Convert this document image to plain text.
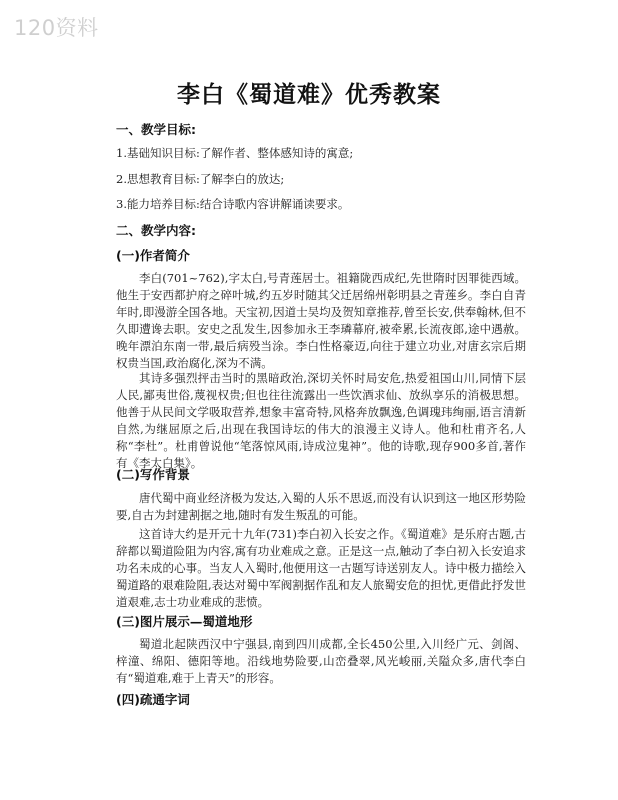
120资料
李白《蜀道难》优秀教案
一、教学目标:
1.基础知识目标:了解作者、整体感知诗的寓意;
2.思想教育目标:了解李白的放达;
3.能力培养目标:结合诗歌内容讲解诵读要求。
二、教学内容:
(一)作者简介

李白(701~762),字太白,号青莲居士。祖籍陇西成纪,先世隋时因罪徙西域。他生于安西都护府之碎叶城,约五岁时随其父迁居绵州彰明县之青莲乡。李白自青年时,即漫游全国各地。天宝初,因道士吴均及贺知章推荐,曾至长安,供奉翰林,但不久即遭谗去职。安史之乱发生,因参加永王李璘幕府,被牵累,长流夜郎,途中遇赦。晚年漂泊东南一带,最后病殁当涂。李白性格豪迈,向往于建立功业,对唐玄宗后期权贵当国,政治腐化,深为不满。

其诗多强烈抨击当时的黑暗政治,深切关怀时局安危,热爱祖国山川,同情下层人民,鄙夷世俗,蔑视权贵;但也往往流露出一些饮酒求仙、放纵享乐的消极思想。他善于从民间文学吸取营养,想象丰富奇特,风格奔放飘逸,色调瑰玮绚丽,语言清新自然,为继屈原之后,出现在我国诗坛的伟大的浪漫主义诗人。他和杜甫齐名,人称“李杜”。杜甫曾说他“笔落惊风雨,诗成泣鬼神”。他的诗歌,现存900多首,著作有《李太白集》。

(二)写作背景

唐代蜀中商业经济极为发达,入蜀的人乐不思返,而没有认识到这一地区形势险要,自古为封建割据之地,随时有发生叛乱的可能。

这首诗大约是开元十九年(731)李白初入长安之作。《蜀道难》是乐府古题,古辞都以蜀道险阻为内容,寓有功业难成之意。正是这一点,触动了李白初入长安追求功名未成的心事。当友人入蜀时,他便用这一古题写诗送别友人。诗中极力描绘入蜀道路的艰难险阻,表达对蜀中军阀割据作乱和友人旅蜀安危的担忧,更借此抒发世道艰难,志士功业难成的悲愤。

(三)图片展示—蜀道地形

蜀道北起陕西汉中宁强县,南到四川成都,全长450公里,入川经广元、剑阁、梓潼、绵阳、德阳等地。沿线地势险要,山峦叠翠,风光峻丽,关隘众多,唐代李白有“蜀道难,难于上青天”的形容。

(四)疏通字词
